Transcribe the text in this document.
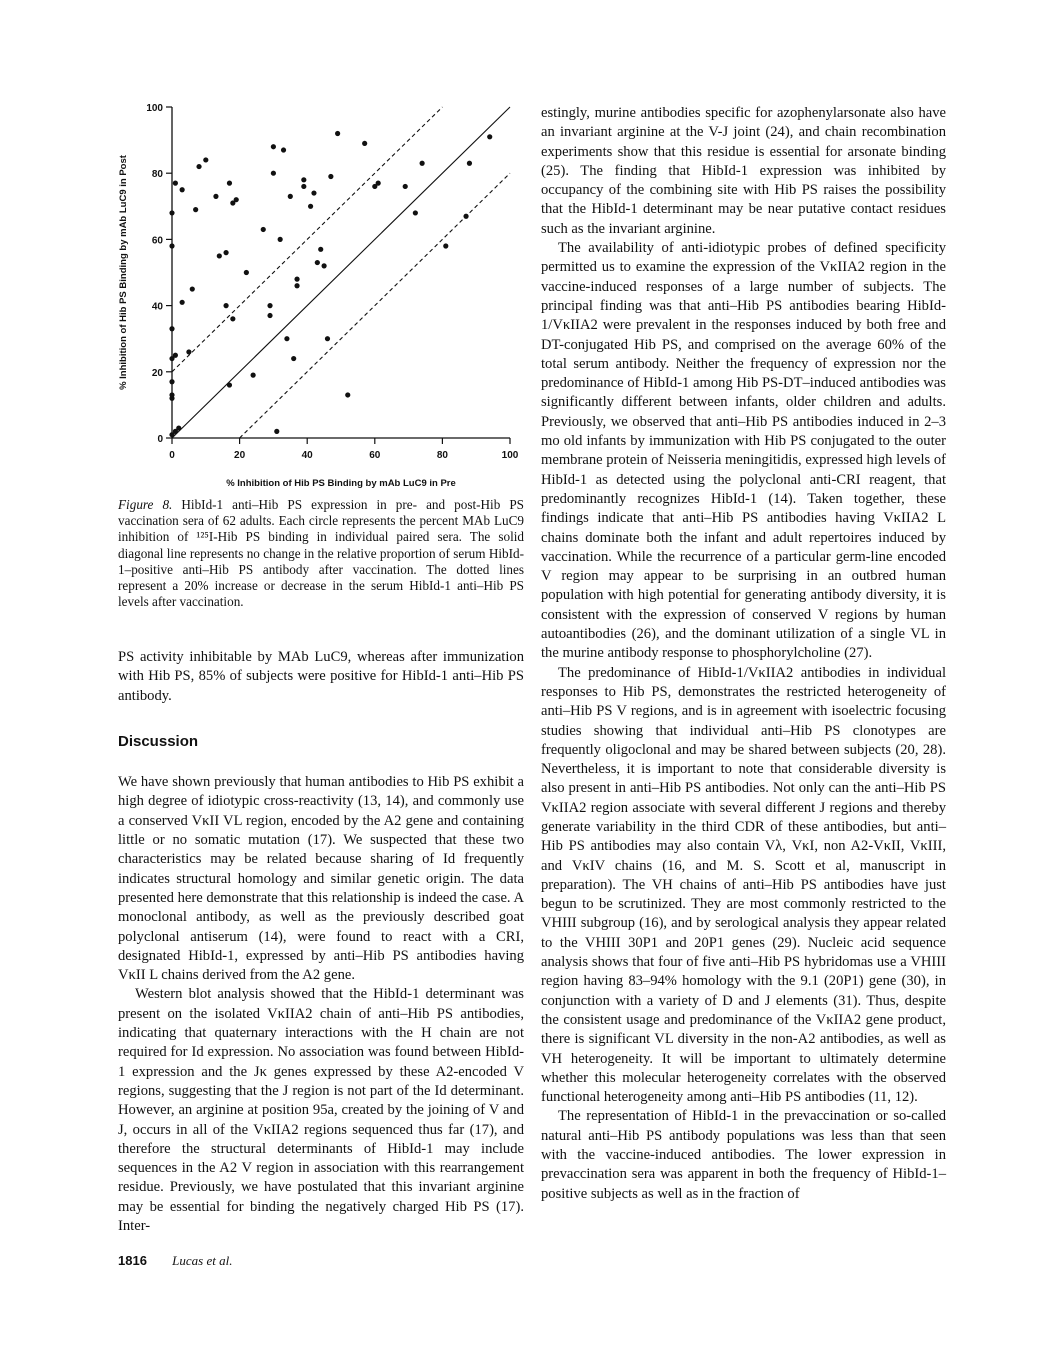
0	20	40	60	80	100
0
20
40
60
80
100
% Inhibition of Hib PS Binding by mAb LuC9 in Pre
% Inhibition of Hib PS Binding by mAb LuC9 in Post
Figure 8. HibId-1 anti–Hib PS expression in pre- and post-Hib PS vaccination sera of 62 adults. Each circle represents the percent MAb LuC9 inhibition of ¹²⁵I-Hib PS binding in individual paired sera. The solid diagonal line represents no change in the relative proportion of serum HibId-1–positive anti–Hib PS antibody after vaccination. The dotted lines represent a 20% increase or decrease in the serum HibId-1 anti–Hib PS levels after vaccination.

PS activity inhibitable by MAb LuC9, whereas after immunization with Hib PS, 85% of subjects were positive for HibId-1 anti–Hib PS antibody.

Discussion

We have shown previously that human antibodies to Hib PS exhibit a high degree of idiotypic cross-reactivity (13, 14), and commonly use a conserved VκII VL region, encoded by the A2 gene and containing little or no somatic mutation (17). We suspected that these two characteristics may be related because sharing of Id frequently indicates structural homology and similar genetic origin. The data presented here demonstrate that this relationship is indeed the case. A monoclonal antibody, as well as the previously described goat polyclonal antiserum (14), were found to react with a CRI, designated HibId-1, expressed by anti–Hib PS antibodies having VκII L chains derived from the A2 gene.

Western blot analysis showed that the HibId-1 determinant was present on the isolated VκIIA2 chain of anti–Hib PS antibodies, indicating that quaternary interactions with the H chain are not required for Id expression. No association was found between HibId-1 expression and the Jκ genes expressed by these A2-encoded V regions, suggesting that the J region is not part of the Id determinant. However, an arginine at position 95a, created by the joining of V and J, occurs in all of the VκIIA2 regions sequenced thus far (17), and therefore the structural determinants of HibId-1 may include sequences in the A2 V region in association with this rearrangement residue. Previously, we have postulated that this invariant arginine may be essential for binding the negatively charged Hib PS (17). Inter-

estingly, murine antibodies specific for azophenylarsonate also have an invariant arginine at the V-J joint (24), and chain recombination experiments show that this residue is essential for arsonate binding (25). The finding that HibId-1 expression was inhibited by occupancy of the combining site with Hib PS raises the possibility that the HibId-1 determinant may be near putative contact residues such as the invariant arginine.

The availability of anti-idiotypic probes of defined specificity permitted us to examine the expression of the VκIIA2 region in the vaccine-induced responses of a large number of subjects. The principal finding was that anti–Hib PS antibodies bearing HibId-1/VκIIA2 were prevalent in the responses induced by both free and DT-conjugated Hib PS, and comprised on the average 60% of the total serum antibody. Neither the frequency of expression nor the predominance of HibId-1 among Hib PS-DT–induced antibodies was significantly different between infants, older children and adults. Previously, we observed that anti–Hib PS antibodies induced in 2–3 mo old infants by immunization with Hib PS conjugated to the outer membrane protein of Neisseria meningitidis, expressed high levels of HibId-1 as detected using the polyclonal anti-CRI reagent, that predominantly recognizes HibId-1 (14). Taken together, these findings indicate that anti–Hib PS antibodies having VκIIA2 L chains dominate both the infant and adult repertoires induced by vaccination. While the recurrence of a particular germ-line encoded V region may appear to be surprising in an outbred human population with high potential for generating antibody diversity, it is consistent with the expression of conserved V regions by human autoantibodies (26), and the dominant utilization of a single VL in the murine antibody response to phosphorylcholine (27).

The predominance of HibId-1/VκIIA2 antibodies in individual responses to Hib PS, demonstrates the restricted heterogeneity of anti–Hib PS V regions, and is in agreement with isoelectric focusing studies showing that individual anti–Hib PS clonotypes are frequently oligoclonal and may be shared between subjects (20, 28). Nevertheless, it is important to note that considerable diversity is also present in anti–Hib PS antibodies. Not only can the anti–Hib PS VκIIA2 region associate with several different J regions and thereby generate variability in the third CDR of these antibodies, but anti–Hib PS antibodies may also contain Vλ, VκI, non A2-VκII, VκIII, and VκIV chains (16, and M. S. Scott et al, manuscript in preparation). The VH chains of anti–Hib PS antibodies have just begun to be scrutinized. They are most commonly restricted to the VHIII subgroup (16), and by serological analysis they appear related to the VHIII 30P1 and 20P1 genes (29). Nucleic acid sequence analysis shows that four of five anti–Hib PS hybridomas use a VHIII region having 83–94% homology with the 9.1 (20P1) gene (30), in conjunction with a variety of D and J elements (31). Thus, despite the consistent usage and predominance of the VκIIA2 gene product, there is significant VL diversity in the non-A2 antibodies, as well as VH heterogeneity. It will be important to ultimately determine whether this molecular heterogeneity correlates with the observed functional heterogeneity among anti–Hib PS antibodies (11, 12).

The representation of HibId-1 in the prevaccination or so-called natural anti–Hib PS antibody populations was less than that seen with the vaccine-induced antibodies. The lower expression in prevaccination sera was apparent in both the frequency of HibId-1–positive subjects as well as in the fraction of

1816 Lucas et al.
